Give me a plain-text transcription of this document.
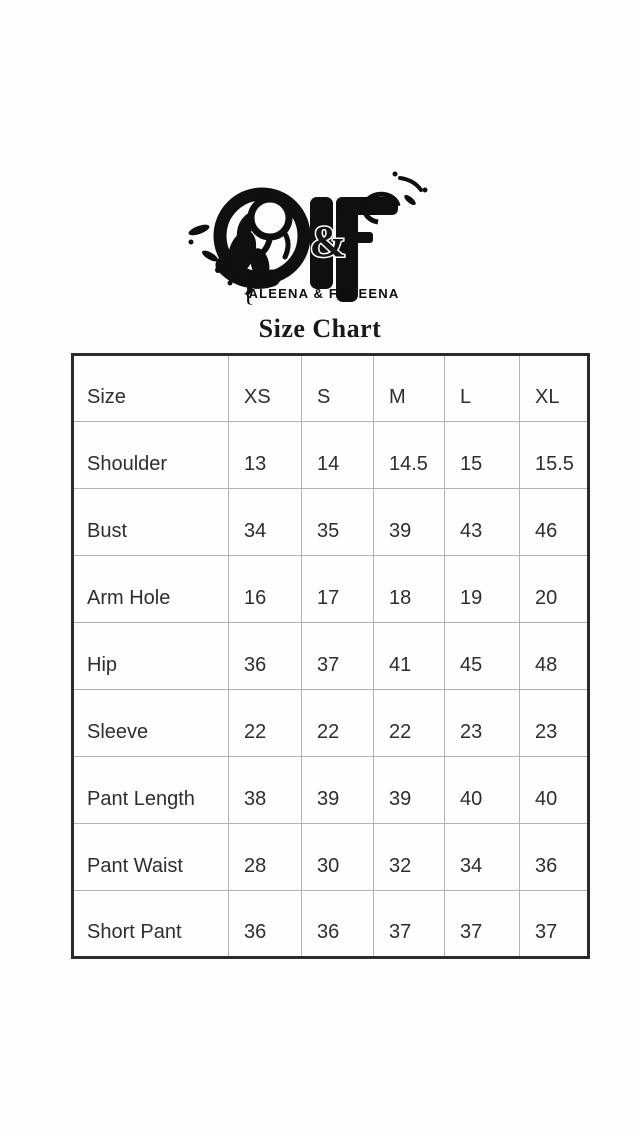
&
{
ALEENA & FAREENA
Size Chart
Size	XS	S	M	L	XL
Shoulder	13	14	14.5	15	15.5
Bust	34	35	39	43	46
Arm Hole	16	17	18	19	20
Hip	36	37	41	45	48
Sleeve	22	22	22	23	23
Pant Length	38	39	39	40	40
Pant Waist	28	30	32	34	36
Short Pant	36	36	37	37	37
